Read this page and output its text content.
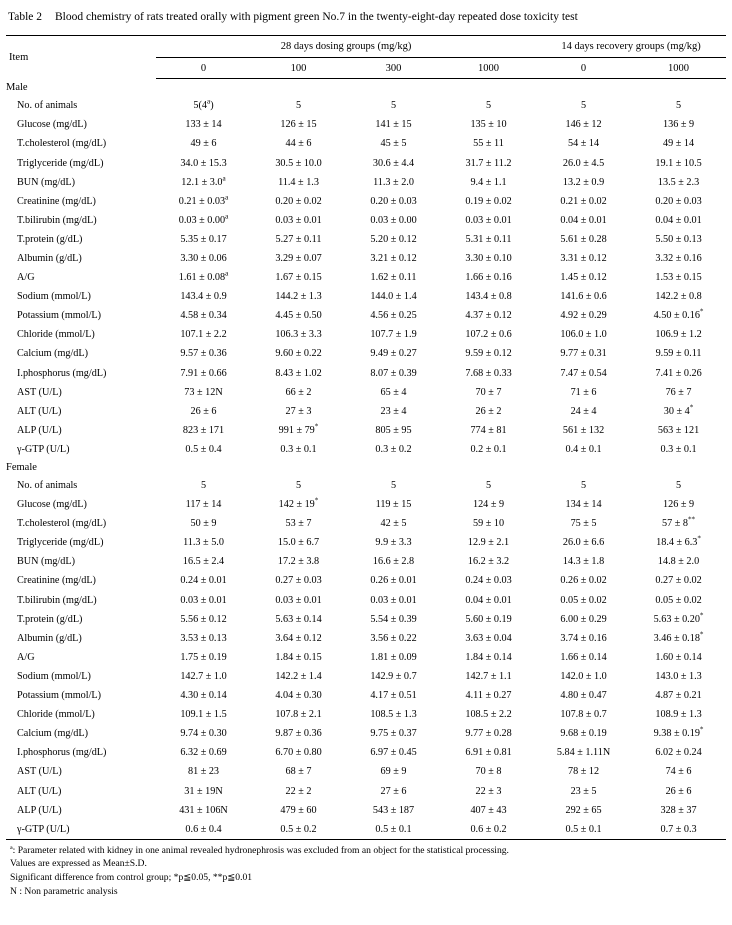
Table 2 Blood chemistry of rats treated orally with pigment green No.7 in the twenty-eight-day repeated dose toxicity test
Item	28 days dosing groups (mg/kg)				14 days recovery groups (mg/kg)	
	0	100	300	1000	0	1000
Male						
No. of animals	5(4$^a$)	5	5	5	5	5
Glucose (mg/dL)	133 ± 14	126 ± 15	141 ± 15	135 ± 10	146 ± 12	136 ± 9
T.cholesterol (mg/dL)	49 ± 6	44 ± 6	45 ± 5	55 ± 11	54 ± 14	49 ± 14
Triglyceride (mg/dL)	34.0 ± 15.3	30.5 ± 10.0	30.6 ± 4.4	31.7 ± 11.2	26.0 ± 4.5	19.1 ± 10.5
BUN (mg/dL)	12.1 ± 3.0$^a$	11.4 ± 1.3	11.3 ± 2.0	9.4 ± 1.1	13.2 ± 0.9	13.5 ± 2.3
Creatinine (mg/dL)	0.21 ± 0.03$^a$	0.20 ± 0.02	0.20 ± 0.03	0.19 ± 0.02	0.21 ± 0.02	0.20 ± 0.03
T.bilirubin (mg/dL)	0.03 ± 0.00$^a$	0.03 ± 0.01	0.03 ± 0.00	0.03 ± 0.01	0.04 ± 0.01	0.04 ± 0.01
T.protein (g/dL)	5.35 ± 0.17	5.27 ± 0.11	5.20 ± 0.12	5.31 ± 0.11	5.61 ± 0.28	5.50 ± 0.13
Albumin (g/dL)	3.30 ± 0.06	3.29 ± 0.07	3.21 ± 0.12	3.30 ± 0.10	3.31 ± 0.12	3.32 ± 0.16
A/G	1.61 ± 0.08$^a$	1.67 ± 0.15	1.62 ± 0.11	1.66 ± 0.16	1.45 ± 0.12	1.53 ± 0.15
Sodium (mmol/L)	143.4 ± 0.9	144.2 ± 1.3	144.0 ± 1.4	143.4 ± 0.8	141.6 ± 0.6	142.2 ± 0.8
Potassium (mmol/L)	4.58 ± 0.34	4.45 ± 0.50	4.56 ± 0.25	4.37 ± 0.12	4.92 ± 0.29	4.50 ± 0.16*
Chloride (mmol/L)	107.1 ± 2.2	106.3 ± 3.3	107.7 ± 1.9	107.2 ± 0.6	106.0 ± 1.0	106.9 ± 1.2
Calcium (mg/dL)	9.57 ± 0.36	9.60 ± 0.22	9.49 ± 0.27	9.59 ± 0.12	9.77 ± 0.31	9.59 ± 0.11
I.phosphorus (mg/dL)	7.91 ± 0.66	8.43 ± 1.02	8.07 ± 0.39	7.68 ± 0.33	7.47 ± 0.54	7.41 ± 0.26
AST (U/L)	73 ± 12N	66 ± 2	65 ± 4	70 ± 7	71 ± 6	76 ± 7
ALT (U/L)	26 ± 6	27 ± 3	23 ± 4	26 ± 2	24 ± 4	30 ± 4*
ALP (U/L)	823 ± 171	991 ± 79*	805 ± 95	774 ± 81	561 ± 132	563 ± 121
γ-GTP (U/L)	0.5 ± 0.4	0.3 ± 0.1	0.3 ± 0.2	0.2 ± 0.1	0.4 ± 0.1	0.3 ± 0.1
Female						
No. of animals	5	5	5	5	5	5
Glucose (mg/dL)	117 ± 14	142 ± 19*	119 ± 15	124 ± 9	134 ± 14	126 ± 9
T.cholesterol (mg/dL)	50 ± 9	53 ± 7	42 ± 5	59 ± 10	75 ± 5	57 ± 8**
Triglyceride (mg/dL)	11.3 ± 5.0	15.0 ± 6.7	9.9 ± 3.3	12.9 ± 2.1	26.0 ± 6.6	18.4 ± 6.3*
BUN (mg/dL)	16.5 ± 2.4	17.2 ± 3.8	16.6 ± 2.8	16.2 ± 3.2	14.3 ± 1.8	14.8 ± 2.0
Creatinine (mg/dL)	0.24 ± 0.01	0.27 ± 0.03	0.26 ± 0.01	0.24 ± 0.03	0.26 ± 0.02	0.27 ± 0.02
T.bilirubin (mg/dL)	0.03 ± 0.01	0.03 ± 0.01	0.03 ± 0.01	0.04 ± 0.01	0.05 ± 0.02	0.05 ± 0.02
T.protein (g/dL)	5.56 ± 0.12	5.63 ± 0.14	5.54 ± 0.39	5.60 ± 0.19	6.00 ± 0.29	5.63 ± 0.20*
Albumin (g/dL)	3.53 ± 0.13	3.64 ± 0.12	3.56 ± 0.22	3.63 ± 0.04	3.74 ± 0.16	3.46 ± 0.18*
A/G	1.75 ± 0.19	1.84 ± 0.15	1.81 ± 0.09	1.84 ± 0.14	1.66 ± 0.14	1.60 ± 0.14
Sodium (mmol/L)	142.7 ± 1.0	142.2 ± 1.4	142.9 ± 0.7	142.7 ± 1.1	142.0 ± 1.0	143.0 ± 1.3
Potassium (mmol/L)	4.30 ± 0.14	4.04 ± 0.30	4.17 ± 0.51	4.11 ± 0.27	4.80 ± 0.47	4.87 ± 0.21
Chloride (mmol/L)	109.1 ± 1.5	107.8 ± 2.1	108.5 ± 1.3	108.5 ± 2.2	107.8 ± 0.7	108.9 ± 1.3
Calcium (mg/dL)	9.74 ± 0.30	9.87 ± 0.36	9.75 ± 0.37	9.77 ± 0.28	9.68 ± 0.19	9.38 ± 0.19*
I.phosphorus (mg/dL)	6.32 ± 0.69	6.70 ± 0.80	6.97 ± 0.45	6.91 ± 0.81	5.84 ± 1.11N	6.02 ± 0.24
AST (U/L)	81 ± 23	68 ± 7	69 ± 9	70 ± 8	78 ± 12	74 ± 6
ALT (U/L)	31 ± 19N	22 ± 2	27 ± 6	22 ± 3	23 ± 5	26 ± 6
ALP (U/L)	431 ± 106N	479 ± 60	543 ± 187	407 ± 43	292 ± 65	328 ± 37
γ-GTP (U/L)	0.6 ± 0.4	0.5 ± 0.2	0.5 ± 0.1	0.6 ± 0.2	0.5 ± 0.1	0.7 ± 0.3
ª: Parameter related with kidney in one animal revealed hydronephrosis was excluded from an object for the statistical processing.
Values are expressed as Mean±S.D.
Significant difference from control group; *p≦0.05, **p≦0.01
N : Non parametric analysis
